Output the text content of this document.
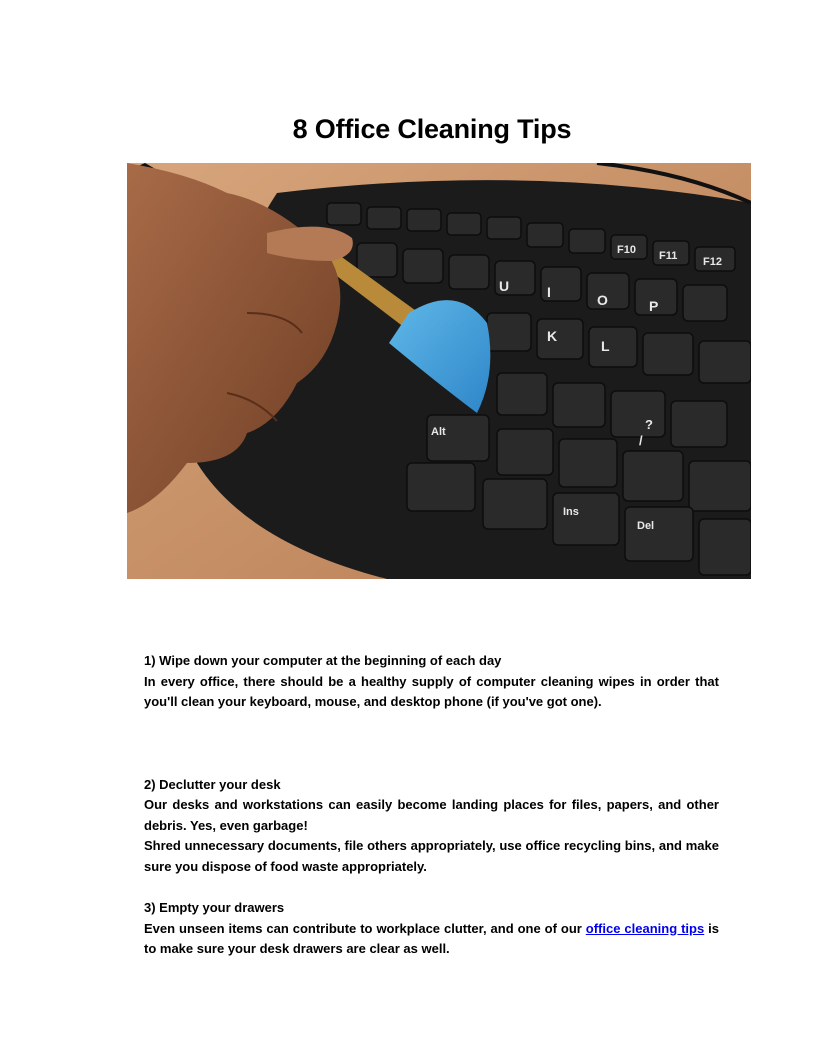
8 Office Cleaning Tips
F10 F11 F12
Alt
K
L
O	P
I
U
Ins
Del
?
/
1) Wipe down your computer at the beginning of each day

In every office, there should be a healthy supply of computer cleaning wipes in order that you'll clean your keyboard, mouse, and desktop phone (if you've got one).

2) Declutter your desk

Our desks and workstations can easily become landing places for files, papers, and other debris. Yes, even garbage!

Shred unnecessary documents, file others appropriately, use office recycling bins, and make sure you dispose of food waste appropriately.

3) Empty your drawers

Even unseen items can contribute to workplace clutter, and one of our office cleaning tips is to make sure your desk drawers are clear as well.
